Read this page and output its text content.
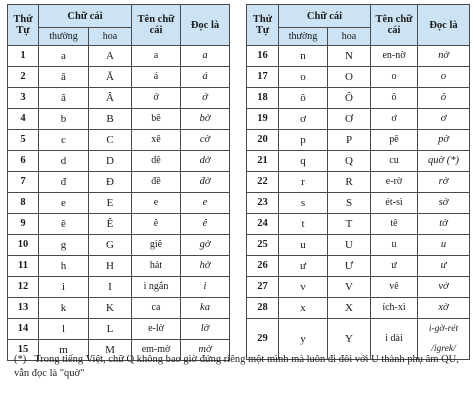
Thứ Tự	Chữ cái		Tên chữ cái	Đọc là
	thường	hoa		
1	a	A	a	a
2	ă	Ă	á	á
3	â	Â	ớ	ớ
4	b	B	bê	bờ
5	c	C	xê	cờ
6	d	D	dê	dờ
7	đ	Đ	đê	đờ
8	e	E	e	e
9	ê	Ê	ê	ê
10	g	G	giê	gờ
11	h	H	hát	hờ
12	i	I	i ngắn	i
13	k	K	ca	ka
14	l	L	e-lờ	lờ
15	m	M	em-mờ	mờ
Thứ Tự	Chữ cái		Tên chữ cái	Đọc là
	thường	hoa		
16	n	N	en-nờ	nờ
17	o	O	o	o
18	ô	Ô	ô	ô
19	ơ	Ơ	ơ	ơ
20	p	P	pê	pờ
21	q	Q	cu	quờ (*)
22	r	R	e-rờ	rờ
23	s	S	ét-sì	sờ
24	t	T	tê	tờ
25	u	U	u	u
26	ư	Ư	ư	ư
27	v	V	vê	vờ
28	x	X	ích-xì	xờ
29	y	Y	i dài	i-gờ-rét /igrek/
(*) Trong tiếng Việt, chữ Q không bao giờ đứng riêng một mình mà luôn đi đôi với U thành phụ âm QU, vẫn đọc là "quờ"
